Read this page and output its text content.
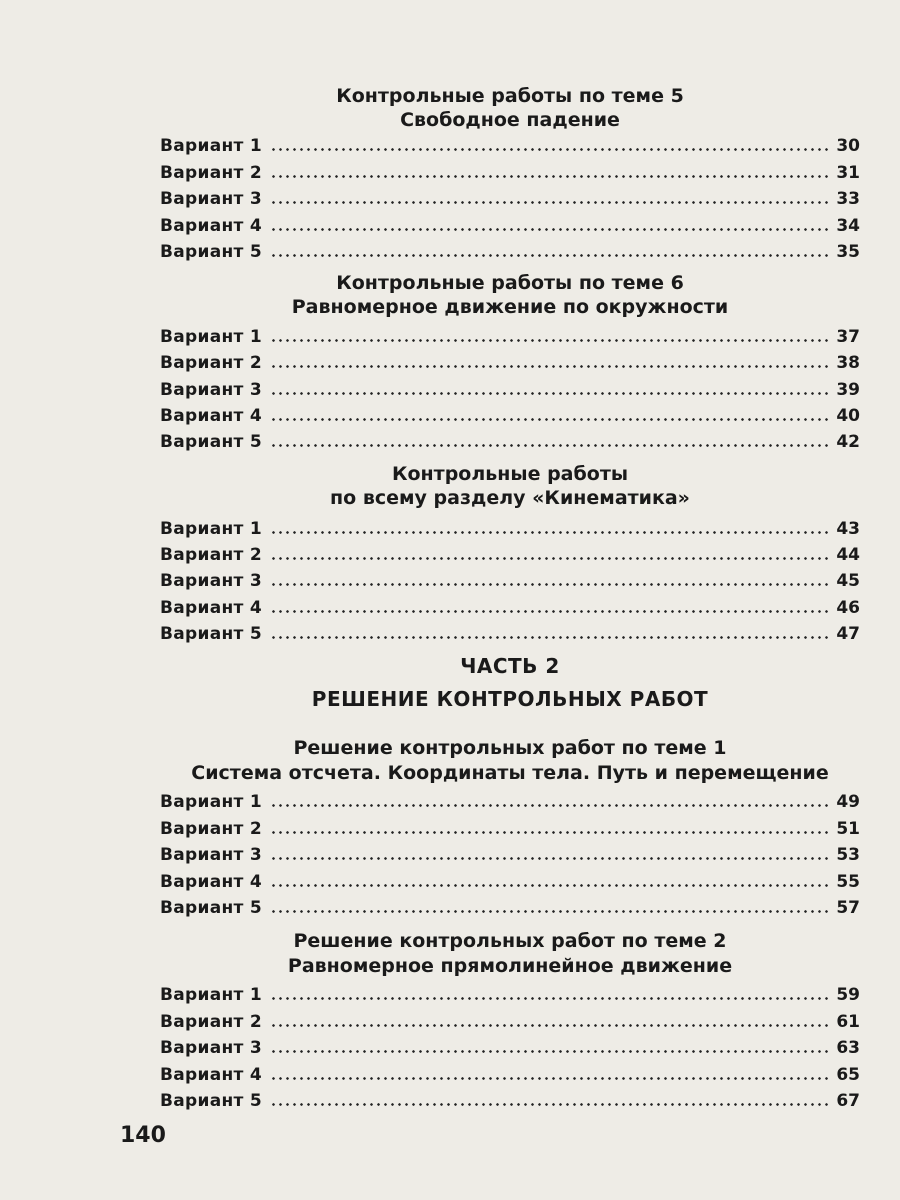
Контрольные работы по теме 5
Свободное падение
Вариант 1	30
Вариант 2	31
Вариант 3	33
Вариант 4	34
Вариант 5	35
Контрольные работы по теме 6
Равномерное движение по окружности
Вариант 1	37
Вариант 2	38
Вариант 3	39
Вариант 4	40
Вариант 5	42
Контрольные работы
по всему разделу «Кинематика»
Вариант 1	43
Вариант 2	44
Вариант 3	45
Вариант 4	46
Вариант 5	47
ЧАСТЬ 2
РЕШЕНИЕ КОНТРОЛЬНЫХ РАБОТ
Решение контрольных работ по теме 1
Система отсчета. Координаты тела. Путь и перемещение
Вариант 1	49
Вариант 2	51
Вариант 3	53
Вариант 4	55
Вариант 5	57
Решение контрольных работ по теме 2
Равномерное прямолинейное движение
Вариант 1	59
Вариант 2	61
Вариант 3	63
Вариант 4	65
Вариант 5	67
140
